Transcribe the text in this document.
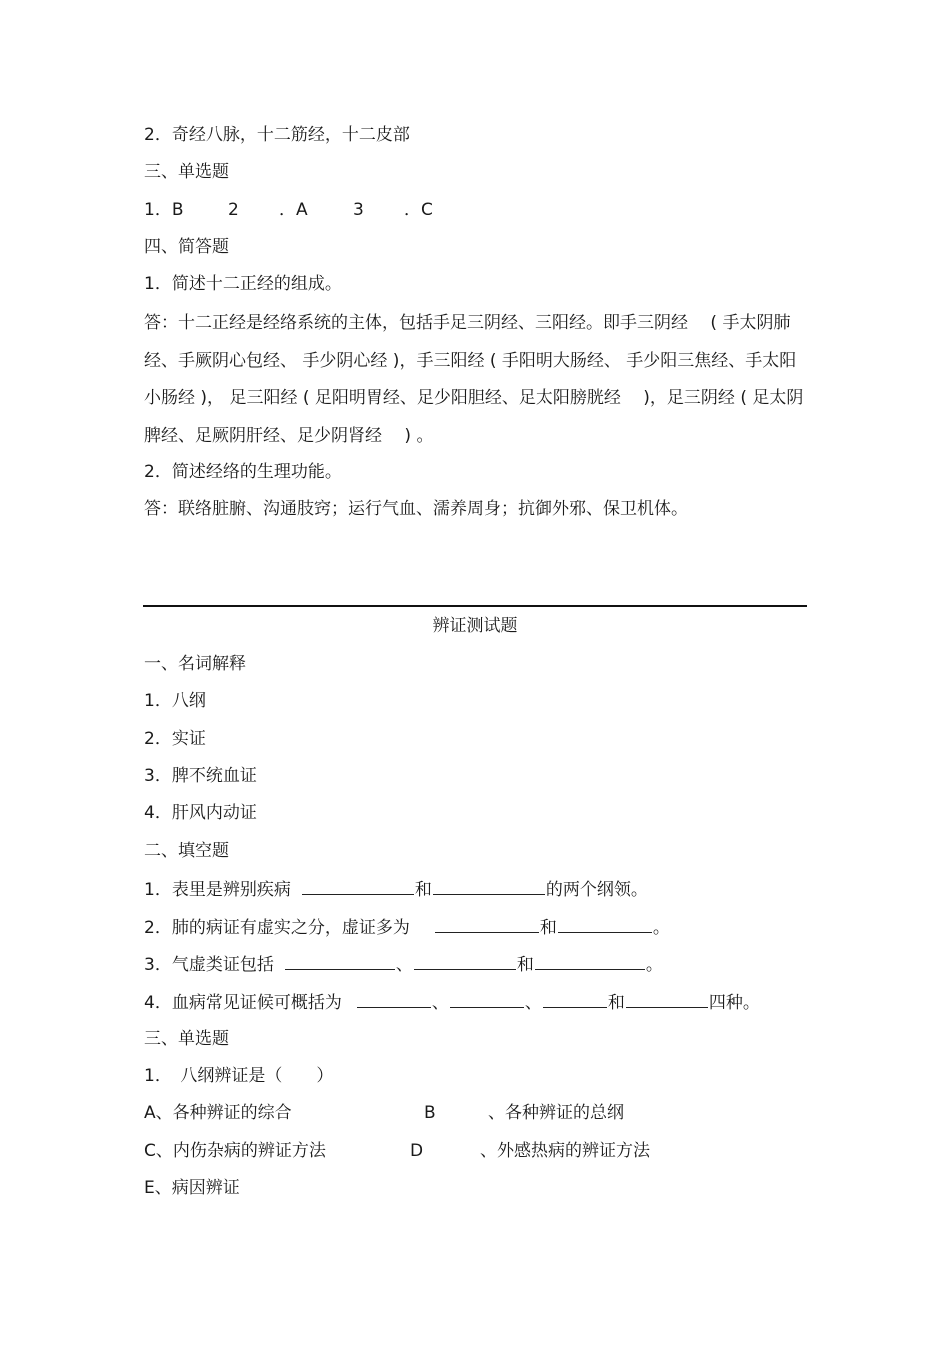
2．奇经八脉，十二筋经，十二皮部
三、单选题
1．B	2 ．A	3 ．C
四、简答题
1．简述十二正经的组成。
答：十二正经是经络系统的主体，包括手足三阴经、三阳经。即手三阴经　 ( 手太阴肺经、手厥阴心包经、 手少阴心经 )，手三阳经 ( 手阳明大肠经、 手少阳三焦经、手太阳小肠经 )， 足三阳经 ( 足阳明胃经、足少阳胆经、足太阳膀胱经　 )，足三阴经 ( 足太阴脾经、足厥阴肝经、足少阴肾经　 ) 。
2．简述经络的生理功能。
答：联络脏腑、沟通肢窍；运行气血、濡养周身；抗御外邪、保卫机体。
辨证测试题
一、名词解释
1．八纲
2．实证
3．脾不统血证
4．肝风内动证
二、填空题
1．表里是辨别疾病	和	的两个纲领。
2．肺的病证有虚实之分，虚证多为	和	。
3．气虚类证包括	、	和	。
4．血病常见证候可概括为	、	、	和	四种。
三、单选题
1．　八纲辨证是（　　）
A、各种辨证的综合	B	、各种辨证的总纲
C、内伤杂病的辨证方法	D	、外感热病的辨证方法
E、病因辨证
